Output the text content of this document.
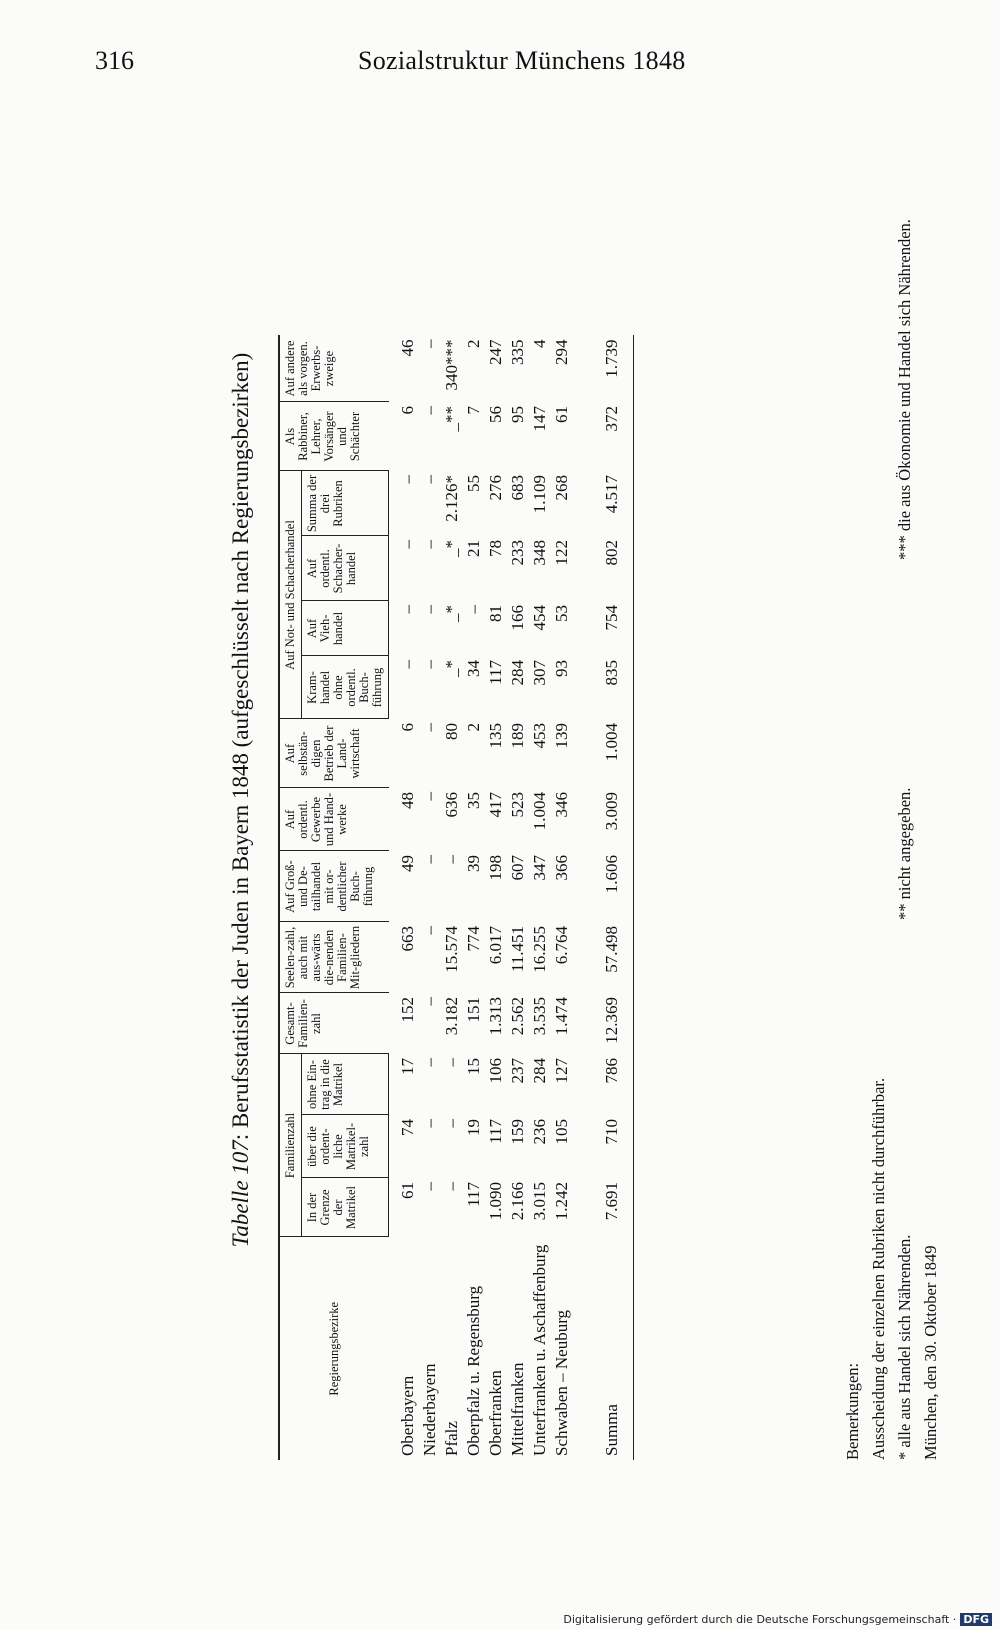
316	Sozialstruktur Münchens 1848
Tabelle 107: Berufsstatistik der Juden in Bayern 1848 (aufgeschlüsselt nach Regierungsbezirken)
Regierungsbezirke	Familienzahl			Gesamt-Familien-zahl	Seelen-zahl, auch mit aus-wärts die-nenden Familien-Mit-gliedern	Auf Groß- und De-tailhandel mit or-dentlicher Buch-führung	Auf ordentl. Gewerbe und Hand-werke	Auf selbstän-digen Betrieb der Land-wirtschaft	Auf Not- und Schacherhandel				Als Rabbiner, Lehrer, Vorsänger und Schächter	Auf andere als vorgen. Erwerbs-zweige
	In der Grenze der Matrikel	über die ordent-liche Matrikel-zahl	ohne Ein-trag in die Matrikel						Kram-handel ohne ordentl. Buch-führung	Auf Vieh-handel	Auf ordentl. Schacher-handel	Summa der drei Rubriken		
Oberbayern	61	74	17	152	663	49	48	6	–	–	–	–	6	46
Niederbayern	–	–	–	–	–	–	–	–	–	–	–	–	–	–
Pfalz	–	–	–	3.182	15.574	–	636	80	_*	_*	_*	2.126*	_**	340***
Oberpfalz u. Regensburg	117	19	15	151	774	39	35	2	34	–	21	55	7	2
Oberfranken	1.090	117	106	1.313	6.017	198	417	135	117	81	78	276	56	247
Mittelfranken	2.166	159	237	2.562	11.451	607	523	189	284	166	233	683	95	335
Unterfranken u. Aschaffenburg	3.015	236	284	3.535	16.255	347	1.004	453	307	454	348	1.109	147	4
Schwaben – Neuburg	1.242	105	127	1.474	6.764	366	346	139	93	53	122	268	61	294

Summa	7.691	710	786	12.369	57.498	1.606	3.009	1.004	835	754	802	4.517	372	1.739
Bemerkungen: Ausscheidung der einzelnen Rubriken nicht durchführbar. * alle aus Handel sich Nährenden.
** nicht angegeben.
*** die aus Ökonomie und Handel sich Nährenden.
München, den 30. Oktober 1849
Digitalisierung gefördert durch die Deutsche Forschungsgemeinschaft · DFG
